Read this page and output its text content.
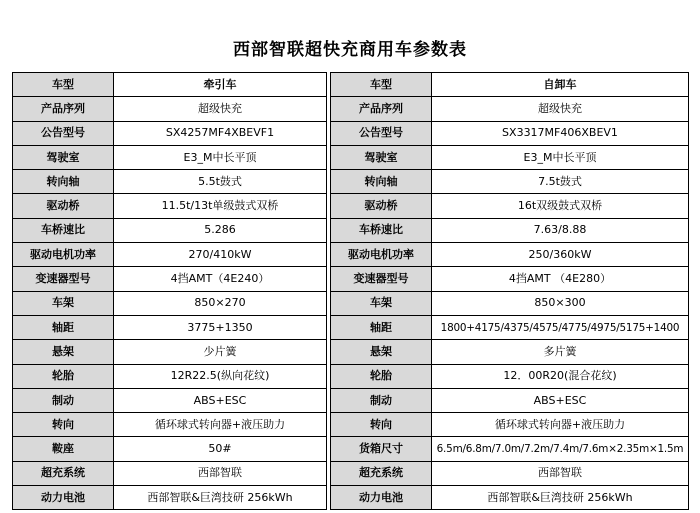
西部智联超快充商用车参数表
车型	牵引车
产品序列	超级快充
公告型号	SX4257MF4XBEVF1
驾驶室	E3_M中长平顶
转向轴	5.5t鼓式
驱动桥	11.5t/13t单级鼓式双桥
车桥速比	5.286
驱动电机功率	270/410kW
变速器型号	4挡AMT（4E240）
车架	850×270
轴距	3775+1350
悬架	少片簧
轮胎	12R22.5(纵向花纹)
制动	ABS+ESC
转向	循环球式转向器+液压助力
鞍座	50#
超充系统	西部智联
动力电池	西部智联&巨湾技研 256kWh
车型	自卸车
产品序列	超级快充
公告型号	SX3317MF406XBEV1
驾驶室	E3_M中长平顶
转向轴	7.5t鼓式
驱动桥	16t双级鼓式双桥
车桥速比	7.63/8.88
驱动电机功率	250/360kW
变速器型号	4挡AMT （4E280）
车架	850×300
轴距	1800+4175/4375/4575/4775/4975/5175+1400
悬架	多片簧
轮胎	12．00R20(混合花纹)
制动	ABS+ESC
转向	循环球式转向器+液压助力
货箱尺寸	6.5m/6.8m/7.0m/7.2m/7.4m/7.6m×2.35m×1.5m
超充系统	西部智联
动力电池	西部智联&巨湾技研 256kWh
